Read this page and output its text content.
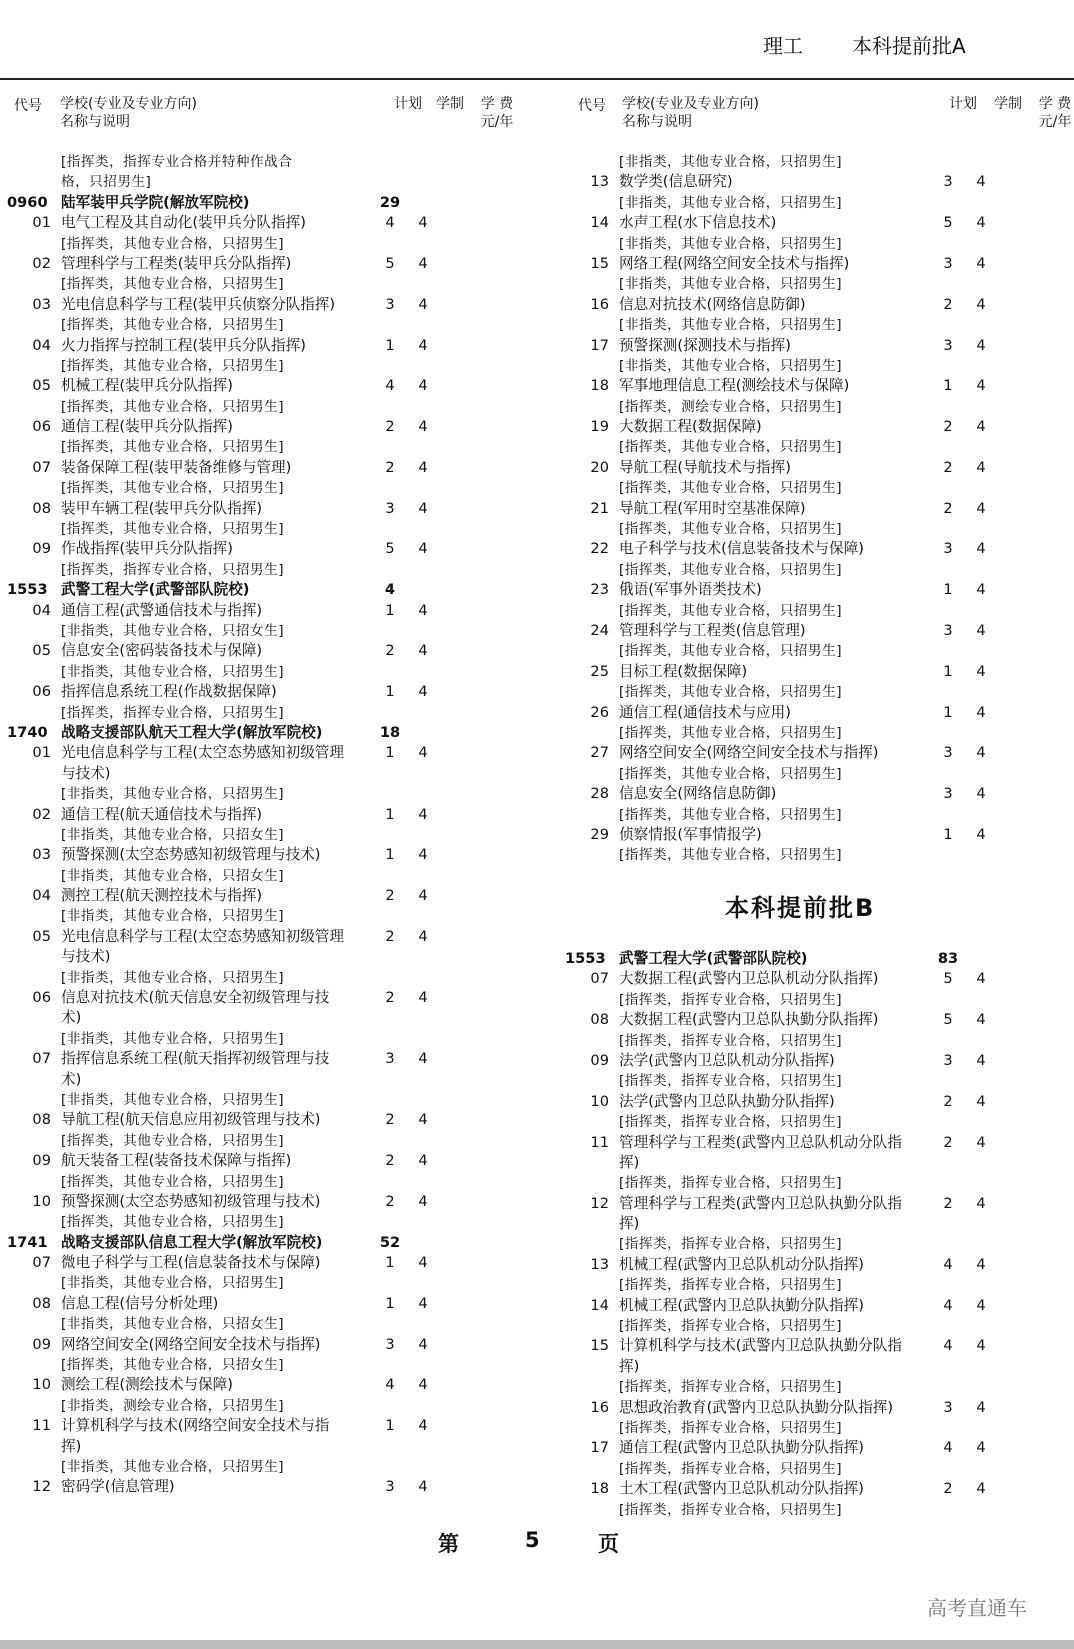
理工 本科提前批A
代号 学校(专业及专业方向)
名称与说明
计划 学制	学 费
元/年
代号 学校(专业及专业方向)
名称与说明
计划 学制	学 费
元/年
[指挥类，指挥专业合格并特种作战合
格，只招男生]
0960 陆军装甲兵学院(解放军院校)	29
01 电气工程及其自动化(装甲兵分队指挥)	4	4
[指挥类，其他专业合格，只招男生]
02 管理科学与工程类(装甲兵分队指挥)	5	4
[指挥类，其他专业合格，只招男生]
03 光电信息科学与工程(装甲兵侦察分队指挥)	3	4
[指挥类，其他专业合格，只招男生]
04 火力指挥与控制工程(装甲兵分队指挥)	1	4
[指挥类，其他专业合格，只招男生]
05 机械工程(装甲兵分队指挥)	4	4
[指挥类，其他专业合格，只招男生]
06 通信工程(装甲兵分队指挥)	2	4
[指挥类，其他专业合格，只招男生]
07 装备保障工程(装甲装备维修与管理)	2	4
[指挥类，其他专业合格，只招男生]
08 装甲车辆工程(装甲兵分队指挥)	3	4
[指挥类，其他专业合格，只招男生]
09 作战指挥(装甲兵分队指挥)	5	4
[指挥类，指挥专业合格，只招男生]
1553 武警工程大学(武警部队院校)	4
04 通信工程(武警通信技术与指挥)	1	4
[非指类，其他专业合格，只招女生]
05 信息安全(密码装备技术与保障)	2	4
[非指类，其他专业合格，只招男生]
06 指挥信息系统工程(作战数据保障)	1	4
[指挥类，指挥专业合格，只招男生]
1740 战略支援部队航天工程大学(解放军院校)	18
01 光电信息科学与工程(太空态势感知初级管理	1	4
与技术)
[非指类，其他专业合格，只招男生]
02 通信工程(航天通信技术与指挥)	1	4
[非指类，其他专业合格，只招女生]
03 预警探测(太空态势感知初级管理与技术)	1	4
[非指类，其他专业合格，只招女生]
04 测控工程(航天测控技术与指挥)	2	4
[非指类，其他专业合格，只招男生]
05 光电信息科学与工程(太空态势感知初级管理	2	4
与技术)
[非指类，其他专业合格，只招男生]
06 信息对抗技术(航天信息安全初级管理与技	2	4
术)
[非指类，其他专业合格，只招男生]
07 指挥信息系统工程(航天指挥初级管理与技	3	4
术)
[非指类，其他专业合格，只招男生]
08 导航工程(航天信息应用初级管理与技术)	2	4
[指挥类，其他专业合格，只招男生]
09 航天装备工程(装备技术保障与指挥)	2	4
[指挥类，其他专业合格，只招男生]
10 预警探测(太空态势感知初级管理与技术)	2	4
[指挥类，其他专业合格，只招男生]
1741 战略支援部队信息工程大学(解放军院校)	52
07 微电子科学与工程(信息装备技术与保障)	1	4
[非指类，其他专业合格，只招男生]
08 信息工程(信号分析处理)	1	4
[非指类，其他专业合格，只招女生]
09 网络空间安全(网络空间安全技术与指挥)	3	4
[指挥类，其他专业合格，只招女生]
10 测绘工程(测绘技术与保障)	4	4
[非指类，测绘专业合格，只招男生]
11 计算机科学与技术(网络空间安全技术与指	1	4
挥)
[非指类，其他专业合格，只招男生]
12 密码学(信息管理)	3	4
[非指类，其他专业合格，只招男生]
13 数学类(信息研究)	3	4
[非指类，其他专业合格，只招男生]
14 水声工程(水下信息技术)	5	4
[非指类，其他专业合格，只招男生]
15 网络工程(网络空间安全技术与指挥)	3	4
[非指类，其他专业合格，只招男生]
16 信息对抗技术(网络信息防御)	2	4
[非指类，其他专业合格，只招男生]
17 预警探测(探测技术与指挥)	3	4
[非指类，其他专业合格，只招男生]
18 军事地理信息工程(测绘技术与保障)	1	4
[指挥类，测绘专业合格，只招男生]
19 大数据工程(数据保障)	2	4
[指挥类，其他专业合格，只招男生]
20 导航工程(导航技术与指挥)	2	4
[指挥类，其他专业合格，只招男生]
21 导航工程(军用时空基准保障)	2	4
[指挥类，其他专业合格，只招男生]
22 电子科学与技术(信息装备技术与保障)	3	4
[指挥类，其他专业合格，只招男生]
23 俄语(军事外语类技术)	1	4
[指挥类，其他专业合格，只招男生]
24 管理科学与工程类(信息管理)	3	4
[指挥类，其他专业合格，只招男生]
25 目标工程(数据保障)	1	4
[指挥类，其他专业合格，只招男生]
26 通信工程(通信技术与应用)	1	4
[指挥类，其他专业合格，只招男生]
27 网络空间安全(网络空间安全技术与指挥)	3	4
[指挥类，其他专业合格，只招男生]
28 信息安全(网络信息防御)	3	4
[指挥类，其他专业合格，只招男生]
29 侦察情报(军事情报学)	1	4
[指挥类，其他专业合格，只招男生]
本科提前批B
1553 武警工程大学(武警部队院校)	83
07 大数据工程(武警内卫总队机动分队指挥)	5	4
[指挥类，指挥专业合格，只招男生]
08 大数据工程(武警内卫总队执勤分队指挥)	5	4
[指挥类，指挥专业合格，只招男生]
09 法学(武警内卫总队机动分队指挥)	3	4
[指挥类，指挥专业合格，只招男生]
10 法学(武警内卫总队执勤分队指挥)	2	4
[指挥类，指挥专业合格，只招男生]
11 管理科学与工程类(武警内卫总队机动分队指	2	4
挥)
[指挥类，指挥专业合格，只招男生]
12 管理科学与工程类(武警内卫总队执勤分队指	2	4
挥)
[指挥类，指挥专业合格，只招男生]
13 机械工程(武警内卫总队机动分队指挥)	4	4
[指挥类，指挥专业合格，只招男生]
14 机械工程(武警内卫总队执勤分队指挥)	4	4
[指挥类，指挥专业合格，只招男生]
15 计算机科学与技术(武警内卫总队执勤分队指	4	4
挥)
[指挥类，指挥专业合格，只招男生]
16 思想政治教育(武警内卫总队执勤分队指挥)	3	4
[指挥类，指挥专业合格，只招男生]
17 通信工程(武警内卫总队执勤分队指挥)	4	4
[指挥类，指挥专业合格，只招男生]
18 土木工程(武警内卫总队机动分队指挥)	2	4
[指挥类，指挥专业合格，只招男生]
第	5	页
高考直通车
